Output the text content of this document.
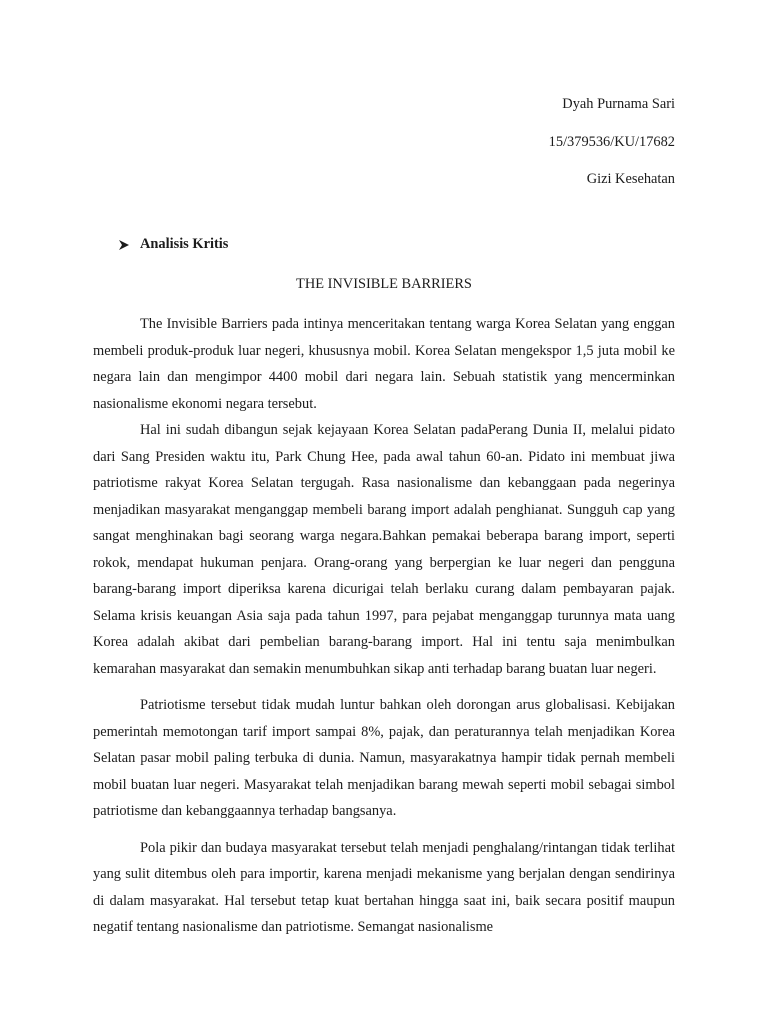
Dyah Purnama Sari
15/379536/KU/17682
Gizi Kesehatan
Analisis Kritis
THE INVISIBLE BARRIERS

The Invisible Barriers pada intinya menceritakan tentang warga Korea Selatan yang enggan membeli produk-produk luar negeri, khususnya mobil. Korea Selatan mengekspor 1,5 juta mobil ke negara lain dan mengimpor 4400 mobil dari negara lain. Sebuah statistik yang mencerminkan nasionalisme ekonomi negara tersebut.

Hal ini sudah dibangun sejak kejayaan Korea Selatan padaPerang Dunia II, melalui pidato dari Sang Presiden waktu itu, Park Chung Hee, pada awal tahun 60-an. Pidato ini membuat jiwa patriotisme rakyat Korea Selatan tergugah. Rasa nasionalisme dan kebanggaan pada negerinya menjadikan masyarakat menganggap membeli barang import adalah penghianat. Sungguh cap yang sangat menghinakan bagi seorang warga negara.Bahkan pemakai beberapa barang import, seperti rokok, mendapat hukuman penjara. Orang-orang yang berpergian ke luar negeri dan pengguna barang-barang import diperiksa karena dicurigai telah berlaku curang dalam pembayaran pajak. Selama krisis keuangan Asia saja pada tahun 1997, para pejabat menganggap turunnya mata uang Korea adalah akibat dari pembelian barang-barang import. Hal ini tentu saja menimbulkan kemarahan masyarakat dan semakin menumbuhkan sikap anti terhadap barang buatan luar negeri.

Patriotisme tersebut tidak mudah luntur bahkan oleh dorongan arus globalisasi. Kebijakan pemerintah memotongan tarif import sampai 8%, pajak, dan peraturannya telah menjadikan Korea Selatan pasar mobil paling terbuka di dunia. Namun, masyarakatnya hampir tidak pernah membeli mobil buatan luar negeri. Masyarakat telah menjadikan barang mewah seperti mobil sebagai simbol patriotisme dan kebanggaannya terhadap bangsanya.

Pola pikir dan budaya masyarakat tersebut telah menjadi penghalang/rintangan tidak terlihat yang sulit ditembus oleh para importir, karena menjadi mekanisme yang berjalan dengan sendirinya di dalam masyarakat. Hal tersebut tetap kuat bertahan hingga saat ini, baik secara positif maupun negatif tentang nasionalisme dan patriotisme. Semangat nasionalisme
